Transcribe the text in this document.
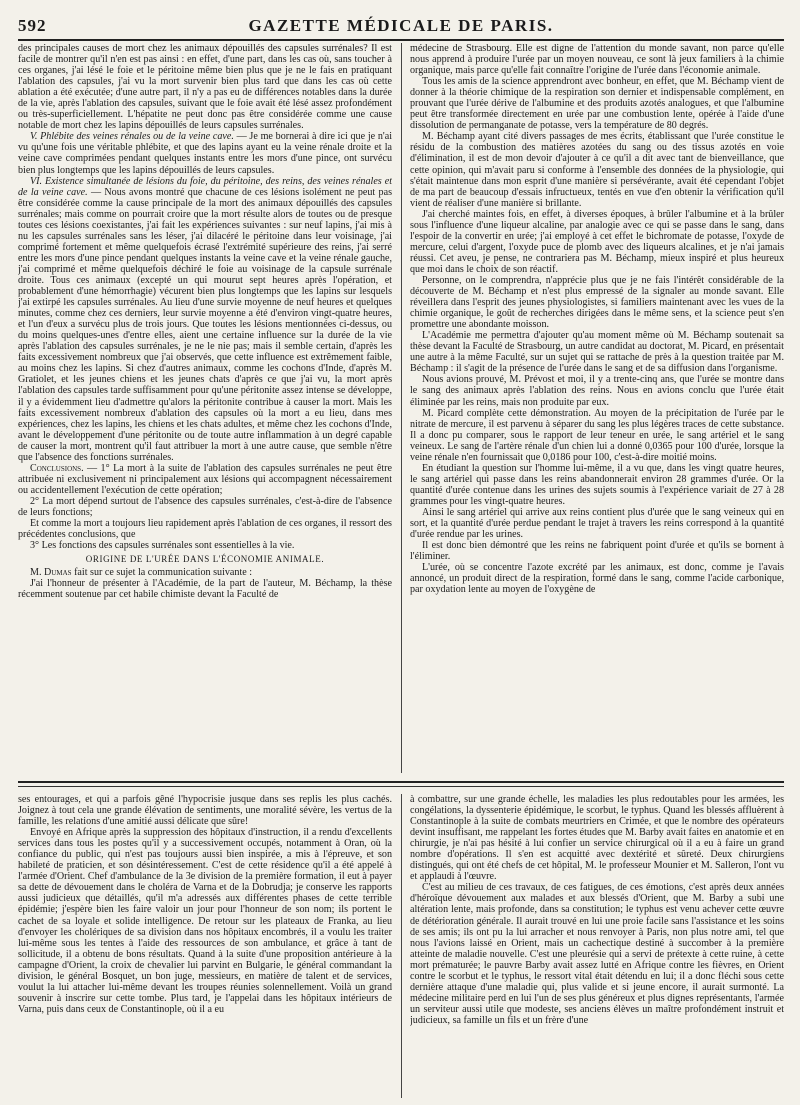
592	GAZETTE MÉDICALE DE PARIS.

des principales causes de mort chez les animaux dépouillés des capsules surrénales? Il est facile de montrer qu'il n'en est pas ainsi : en effet, d'une part, dans les cas où, sans toucher à ces organes, j'ai lésé le foie et le péritoine même bien plus que je ne le fais en pratiquant l'ablation des capsules, j'ai vu la mort survenir bien plus tard que dans les cas où cette ablation a été exécutée; d'une autre part, il n'y a pas eu de différences notables dans la durée de la vie, après l'ablation des capsules, suivant que le foie avait été lésé assez profondément ou très-superficiellement. L'hépatite ne peut donc pas être considérée comme une cause notable de mort chez les lapins dépouillés de leurs capsules surrénales.

V. Phlébite des veines rénales ou de la veine cave. — Je me bornerai à dire ici que je n'ai vu qu'une fois une véritable phlébite, et que des lapins ayant eu la veine rénale droite et la veine cave comprimées pendant quelques instants entre les mors d'une pince, ont survécu bien plus longtemps que les lapins dépouillés de leurs capsules.

VI. Existence simultanée de lésions du foie, du péritoine, des reins, des veines rénales et de la veine cave. — Nous avons montré que chacune de ces lésions isolément ne peut pas être considérée comme la cause principale de la mort des animaux dépouillés des capsules surrénales; mais comme on pourrait croire que la mort résulte alors de toutes ou de presque toutes ces lésions coexistantes, j'ai fait les expériences suivantes : sur neuf lapins, j'ai mis à nu les capsules surrénales sans les léser, j'ai dilacéré le péritoine dans leur voisinage, j'ai comprimé fortement et même quelquefois écrasé l'extrémité supérieure des reins, j'ai serré entre les mors d'une pince pendant quelques instants la veine cave et la veine rénale gauche, j'ai comprimé et même quelquefois déchiré le foie au voisinage de la capsule surrénale droite. Tous ces animaux (excepté un qui mourut sept heures après l'opération, et probablement d'une hémorrhagie) vécurent bien plus longtemps que les lapins sur lesquels j'ai extirpé les capsules surrénales. Au lieu d'une survie moyenne de neuf heures et quelques minutes, comme chez ces derniers, leur survie moyenne a été d'environ vingt-quatre heures, et l'un d'eux a survécu plus de trois jours. Que toutes les lésions mentionnées ci-dessus, ou du moins quelques-unes d'entre elles, aient une certaine influence sur la durée de la vie après l'ablation des capsules surrénales, je ne le nie pas; mais il semble certain, d'après les faits excessivement nombreux que j'ai observés, que cette influence est extrêmement faible, au moins chez les lapins. Si chez d'autres animaux, comme les cochons d'Inde, d'après M. Gratiolet, et les jeunes chiens et les jeunes chats d'après ce que j'ai vu, la mort après l'ablation des capsules tarde suffisamment pour qu'une péritonite assez intense se développe, il y a évidemment lieu d'admettre qu'alors la péritonite contribue à causer la mort. Mais les faits excessivement nombreux d'ablation des capsules où la mort a eu lieu, dans mes expériences, chez les lapins, les chiens et les chats adultes, et même chez les cochons d'Inde, avant le développement d'une péritonite ou de toute autre inflammation à un degré capable de causer la mort, montrent qu'il faut attribuer la mort à une autre cause, que semble n'être que l'absence des fonctions surrénales.

Conclusions. — 1° La mort à la suite de l'ablation des capsules surrénales ne peut être attribuée ni exclusivement ni principalement aux lésions qui accompagnent nécessairement ou accidentellement l'exécution de cette opération;

2° La mort dépend surtout de l'absence des capsules surrénales, c'est-à-dire de l'absence de leurs fonctions;

Et comme la mort a toujours lieu rapidement après l'ablation de ces organes, il ressort des précédentes conclusions, que

3° Les fonctions des capsules surrénales sont essentielles à la vie.

ORIGINE DE L'URÉE DANS L'ÉCONOMIE ANIMALE.

M. Dumas fait sur ce sujet la communication suivante :

J'ai l'honneur de présenter à l'Académie, de la part de l'auteur, M. Béchamp, la thèse récemment soutenue par cet habile chimiste devant la Faculté de

médecine de Strasbourg. Elle est digne de l'attention du monde savant, non parce qu'elle nous apprend à produire l'urée par un moyen nouveau, ce sont là jeux familiers à la chimie organique, mais parce qu'elle fait connaître l'origine de l'urée dans l'économie animale.

Tous les amis de la science apprendront avec bonheur, en effet, que M. Béchamp vient de donner à la théorie chimique de la respiration son dernier et indispensable complément, en prouvant que l'urée dérive de l'albumine et des produits azotés analogues, et que l'albumine peut être transformée directement en urée par une combustion lente, opérée à l'aide d'une dissolution de permanganate de potasse, vers la température de 80 degrés.

M. Béchamp ayant cité divers passages de mes écrits, établissant que l'urée constitue le résidu de la combustion des matières azotées du sang ou des tissus azotés en voie d'élimination, il est de mon devoir d'ajouter à ce qu'il a dit avec tant de bienveillance, que cette opinion, qui m'avait paru si conforme à l'ensemble des données de la physiologie, qui s'était maintenue dans mon esprit d'une manière si persévérante, avait été cependant l'objet de ma part de beaucoup d'essais infructueux, tentés en vue d'en obtenir la vérification qu'il vient de réaliser d'une manière si brillante.

J'ai cherché maintes fois, en effet, à diverses époques, à brûler l'albumine et à la brûler sous l'influence d'une liqueur alcaline, par analogie avec ce qui se passe dans le sang, dans l'espoir de la convertir en urée; j'ai employé à cet effet le bichromate de potasse, l'oxyde de mercure, celui d'argent, l'oxyde puce de plomb avec des liqueurs alcalines, et je n'ai jamais réussi. Cet aveu, je pense, ne contrariera pas M. Béchamp, mieux inspiré et plus heureux que moi dans le choix de son réactif.

Personne, on le comprendra, n'apprécie plus que je ne fais l'intérêt considérable de la découverte de M. Béchamp et n'est plus empressé de la signaler au monde savant. Elle réveillera dans l'esprit des jeunes physiologistes, si familiers maintenant avec les vues de la chimie organique, le goût de recherches dirigées dans le même sens, et la science peut s'en promettre une abondante moisson.

L'Académie me permettra d'ajouter qu'au moment même où M. Béchamp soutenait sa thèse devant la Faculté de Strasbourg, un autre candidat au doctorat, M. Picard, en présentait une autre à la même Faculté, sur un sujet qui se rattache de près à la question traitée par M. Béchamp : il s'agit de la présence de l'urée dans le sang et de sa diffusion dans l'organisme.

Nous avions prouvé, M. Prévost et moi, il y a trente-cinq ans, que l'urée se montre dans le sang des animaux après l'ablation des reins. Nous en avions conclu que l'urée était éliminée par les reins, mais non produite par eux.

M. Picard complète cette démonstration. Au moyen de la précipitation de l'urée par le nitrate de mercure, il est parvenu à séparer du sang les plus légères traces de cette substance. Il a donc pu comparer, sous le rapport de leur teneur en urée, le sang artériel et le sang veineux. Le sang de l'artère rénale d'un chien lui a donné 0,0365 pour 100 d'urée, lorsque la veine rénale n'en fournissait que 0,0186 pour 100, c'est-à-dire moitié moins.

En étudiant la question sur l'homme lui-même, il a vu que, dans les vingt quatre heures, le sang artériel qui passe dans les reins abandonnerait environ 28 grammes d'urée. Or la quantité d'urée contenue dans les urines des sujets soumis à l'expérience variait de 27 à 28 grammes pour les vingt-quatre heures.

Ainsi le sang artériel qui arrive aux reins contient plus d'urée que le sang veineux qui en sort, et la quantité d'urée perdue pendant le trajet à travers les reins correspond à la quantité d'urée rendue par les urines.

Il est donc bien démontré que les reins ne fabriquent point d'urée et qu'ils se bornent à l'éliminer.

L'urée, où se concentre l'azote excrété par les animaux, est donc, comme je l'avais annoncé, un produit direct de la respiration, formé dans le sang, comme l'acide carbonique, par oxydation lente au moyen de l'oxygène de

ses entourages, et qui a parfois gêné l'hypocrisie jusque dans ses replis les plus cachés. Joignez à tout cela une grande élévation de sentiments, une moralité sévère, les vertus de la famille, les relations d'une amitié aussi délicate que sûre!

Envoyé en Afrique après la suppression des hôpitaux d'instruction, il a rendu d'excellents services dans tous les postes qu'il y a successivement occupés, notamment à Oran, où la confiance du public, qui n'est pas toujours aussi bien inspirée, a mis à l'épreuve, et son habileté de praticien, et son désintéressement. C'est de cette résidence qu'il a été appelé à l'armée d'Orient. Chef d'ambulance de la 3e division de la première formation, il eut à payer sa dette de dévouement dans le choléra de Varna et de la Dobrudja; je conserve les rapports aussi judicieux que détaillés, qu'il m'a adressés aux différentes phases de cette terrible épidémie; j'espère bien les faire valoir un jour pour l'honneur de son nom; ils portent le cachet de sa loyale et solide intelligence. De retour sur les plateaux de Franka, au lieu d'envoyer les cholériques de sa division dans nos hôpitaux encombrés, il a voulu les traiter lui-même sous les tentes à l'aide des ressources de son ambulance, et grâce à tant de sollicitude, il a obtenu de bons résultats. Quand à la suite d'une proposition antérieure à la campagne d'Orient, la croix de chevalier lui parvint en Bulgarie, le général commandant la division, le général Bosquet, un bon juge, messieurs, en matière de talent et de services, voulut la lui attacher lui-même devant les troupes réunies solennellement. Voilà un grand souvenir à inscrire sur cette tombe. Plus tard, je l'appelai dans les hôpitaux intérieurs de Varna, puis dans ceux de Constantinople, où il a eu

à combattre, sur une grande échelle, les maladies les plus redoutables pour les armées, les congélations, la dyssenterie épidémique, le scorbut, le typhus. Quand les blessés affluèrent à Constantinople à la suite de combats meurtriers en Crimée, et que le nombre des opérateurs devint insuffisant, me rappelant les fortes études que M. Barby avait faites en anatomie et en chirurgie, je n'ai pas hésité à lui confier un service chirurgical où il a eu à faire un grand nombre d'opérations. Il s'en est acquitté avec dextérité et sûreté. Deux chirurgiens distingués, qui ont été chefs de cet hôpital, M. le professeur Mounier et M. Salleron, l'ont vu et applaudi à l'œuvre.

C'est au milieu de ces travaux, de ces fatigues, de ces émotions, c'est après deux années d'héroïque dévouement aux malades et aux blessés d'Orient, que M. Barby a subi une altération lente, mais profonde, dans sa constitution; le typhus est venu achever cette œuvre de détérioration générale. Il aurait trouvé en lui une proie facile sans l'assistance et les soins de ses amis; ils ont pu la lui arracher et nous renvoyer à Paris, non plus notre ami, tel que nous l'avions laissé en Orient, mais un cachectique destiné à succomber à la première atteinte de maladie nouvelle. C'est une pleurésie qui a servi de prétexte à cette ruine, à cette mort prématurée; le pauvre Barby avait assez lutté en Afrique contre les fièvres, en Orient contre le scorbut et le typhus, le ressort vital était détendu en lui; il a donc fléchi sous cette dernière attaque d'une maladie qui, plus valide et si jeune encore, il aurait surmonté. La médecine militaire perd en lui l'un de ses plus généreux et plus dignes représentants, l'armée un serviteur aussi utile que modeste, ses anciens élèves un maître profondément instruit et judicieux, sa famille un fils et un frère d'une
